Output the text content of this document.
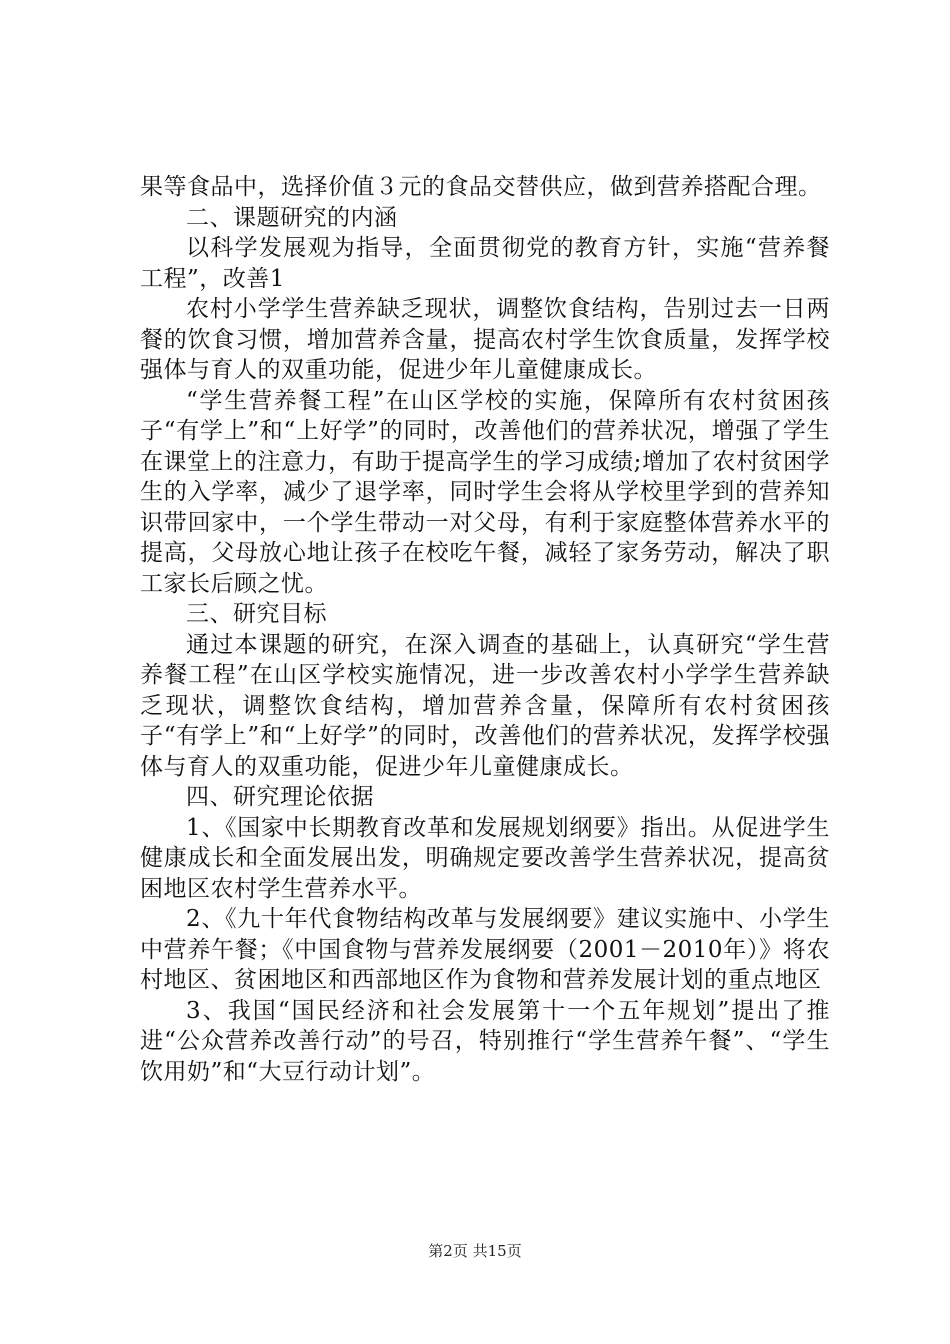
果等食品中，选择价值３元的食品交替供应，做到营养搭配合理。

二、课题研究的内涵

以科学发展观为指导，全面贯彻党的教育方针，实施“营养餐工程”，改善1

农村小学学生营养缺乏现状，调整饮食结构，告别过去一日两餐的饮食习惯，增加营养含量，提高农村学生饮食质量，发挥学校强体与育人的双重功能，促进少年儿童健康成长。

“学生营养餐工程”在山区学校的实施，保障所有农村贫困孩子“有学上”和“上好学”的同时，改善他们的营养状况，增强了学生在课堂上的注意力，有助于提高学生的学习成绩;增加了农村贫困学生的入学率，减少了退学率，同时学生会将从学校里学到的营养知识带回家中，一个学生带动一对父母，有利于家庭整体营养水平的提高，父母放心地让孩子在校吃午餐，减轻了家务劳动，解决了职工家长后顾之忧。

三、研究目标

通过本课题的研究，在深入调查的基础上，认真研究“学生营养餐工程”在山区学校实施情况，进一步改善农村小学学生营养缺乏现状，调整饮食结构，增加营养含量，保障所有农村贫困孩子“有学上”和“上好学”的同时，改善他们的营养状况，发挥学校强体与育人的双重功能，促进少年儿童健康成长。

四、研究理论依据

1、《国家中长期教育改革和发展规划纲要》指出。从促进学生健康成长和全面发展出发，明确规定要改善学生营养状况，提高贫困地区农村学生营养水平。

2、《九十年代食物结构改革与发展纲要》建议实施中、小学生中营养午餐；《中国食物与营养发展纲要（2001－2010年）》将农村地区、贫困地区和西部地区作为食物和营养发展计划的重点地区

3、我国“国民经济和社会发展第十一个五年规划”提出了推进“公众营养改善行动”的号召，特别推行“学生营养午餐”、“学生饮用奶”和“大豆行动计划”。

第2页 共15页
